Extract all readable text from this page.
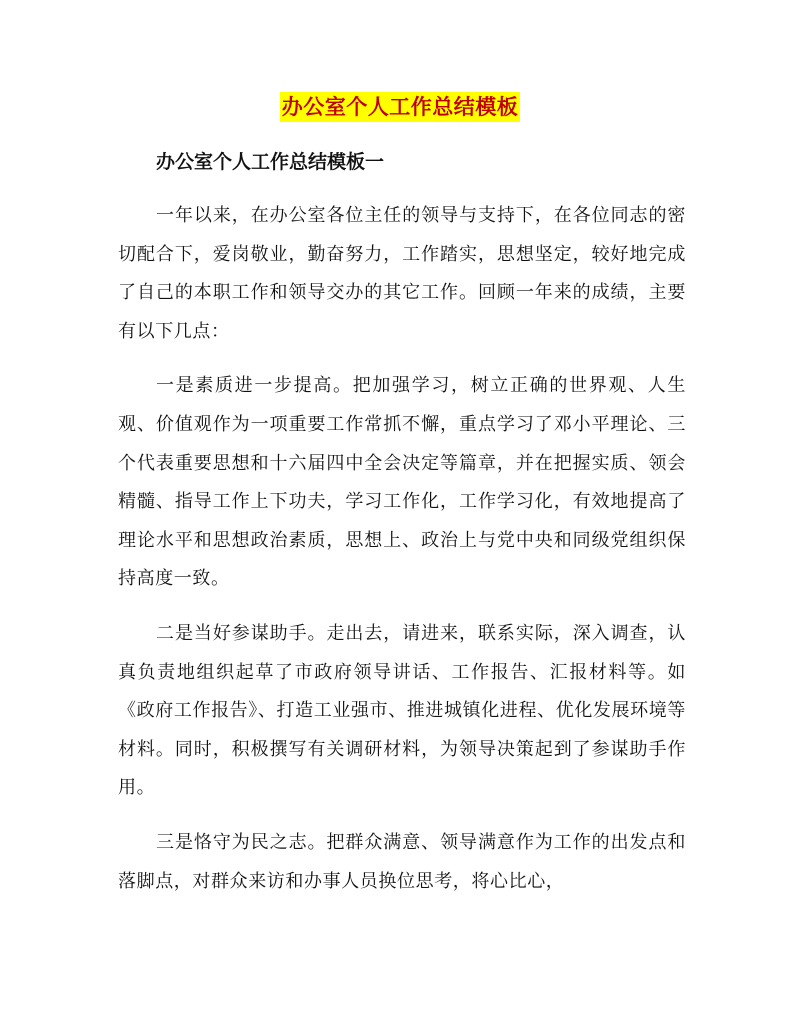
办公室个人工作总结模板
办公室个人工作总结模板一

一年以来，在办公室各位主任的领导与支持下，在各位同志的密切配合下，爱岗敬业，勤奋努力，工作踏实，思想坚定，较好地完成了自己的本职工作和领导交办的其它工作。回顾一年来的成绩，主要有以下几点：

一是素质进一步提高。把加强学习，树立正确的世界观、人生观、价值观作为一项重要工作常抓不懈，重点学习了邓小平理论、三个代表重要思想和十六届四中全会决定等篇章，并在把握实质、领会精髓、指导工作上下功夫，学习工作化，工作学习化，有效地提高了理论水平和思想政治素质，思想上、政治上与党中央和同级党组织保持高度一致。

二是当好参谋助手。走出去，请进来，联系实际，深入调查，认真负责地组织起草了市政府领导讲话、工作报告、汇报材料等。如《政府工作报告》、打造工业强市、推进城镇化进程、优化发展环境等材料。同时，积极撰写有关调研材料，为领导决策起到了参谋助手作用。

三是恪守为民之志。把群众满意、领导满意作为工作的出发点和落脚点，对群众来访和办事人员换位思考，将心比心，
